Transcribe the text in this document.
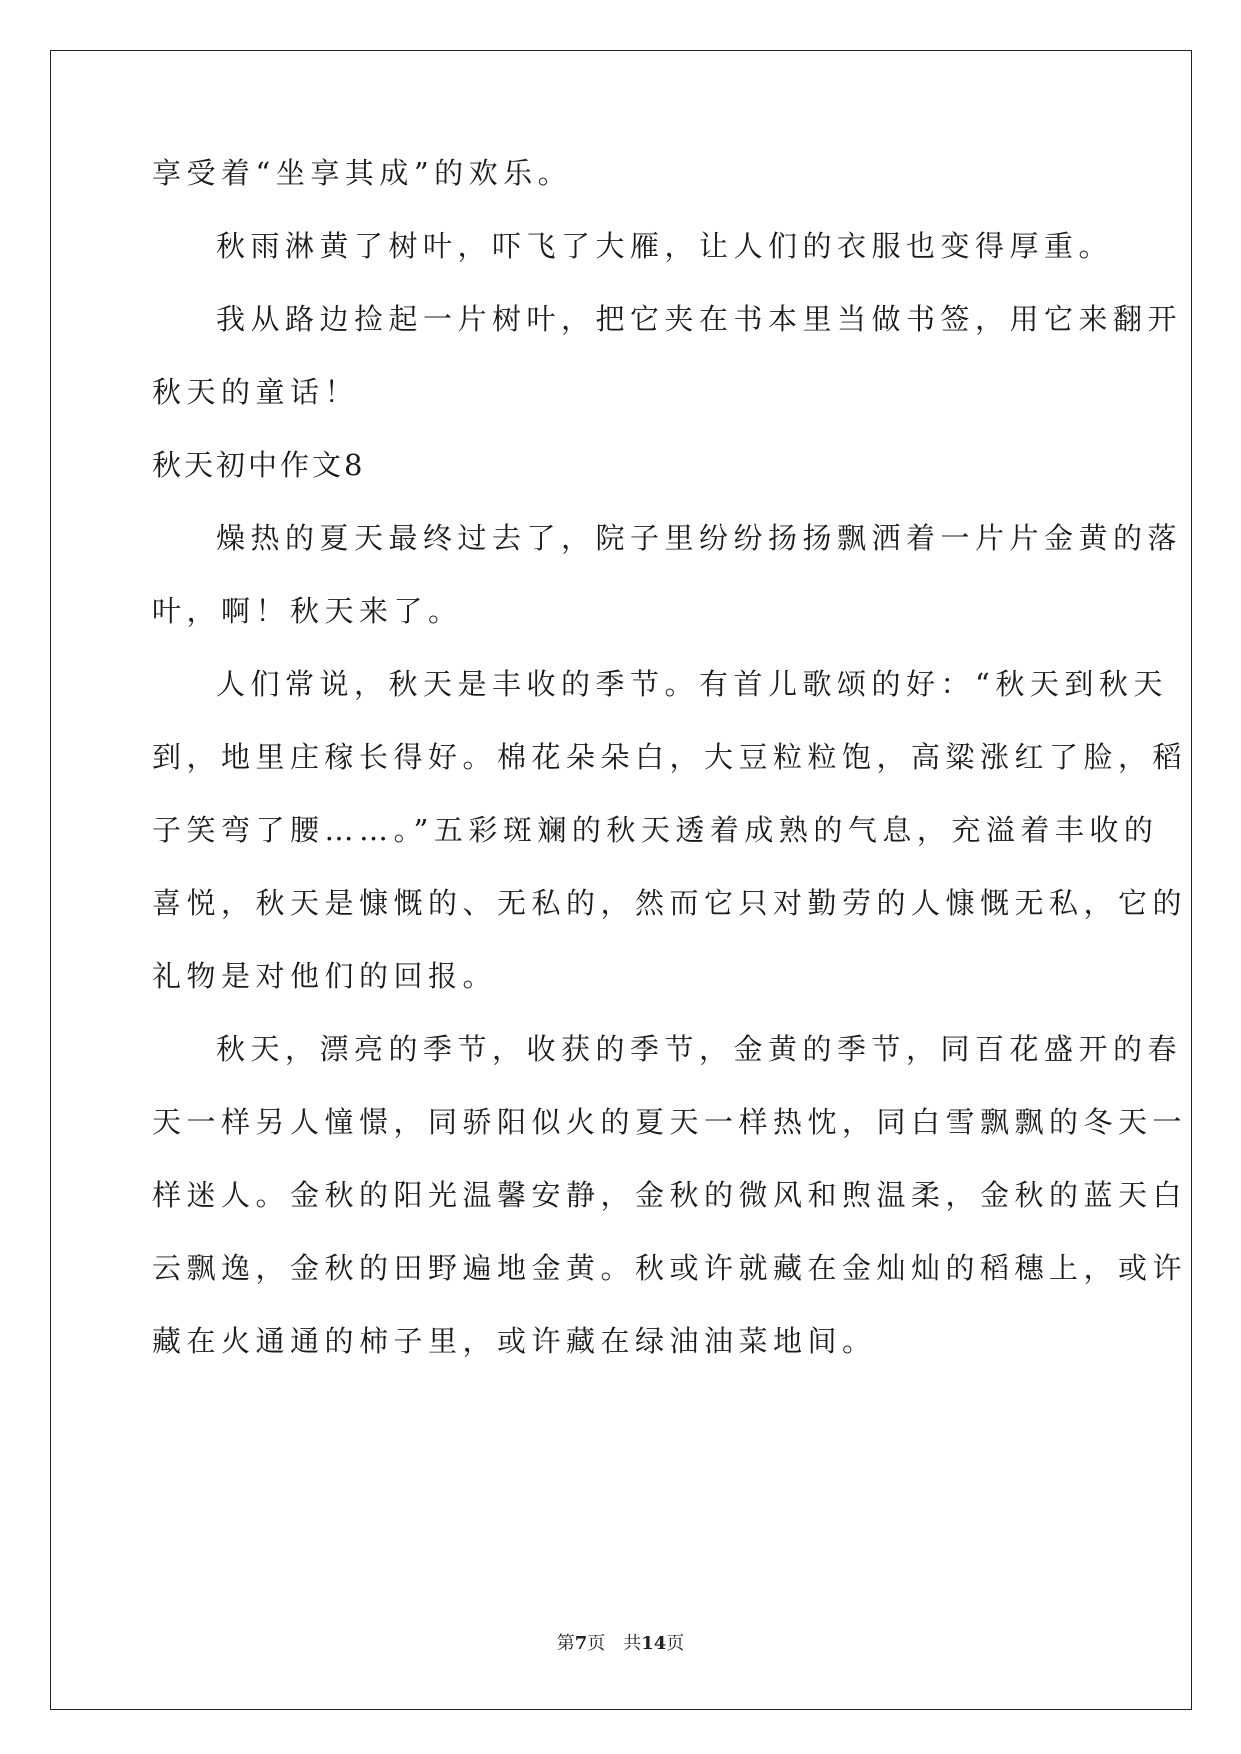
享受着“坐享其成”的欢乐。
秋雨淋黄了树叶，吓飞了大雁，让人们的衣服也变得厚重。
我从路边捡起一片树叶，把它夹在书本里当做书签，用它来翻开
秋天的童话！
秋天初中作文8
燥热的夏天最终过去了，院子里纷纷扬扬飘洒着一片片金黄的落
叶，啊！秋天来了。
人们常说，秋天是丰收的季节。有首儿歌颂的好：“秋天到秋天
到，地里庄稼长得好。棉花朵朵白，大豆粒粒饱，高粱涨红了脸，稻
子笑弯了腰……。”五彩斑斓的秋天透着成熟的气息，充溢着丰收的
喜悦，秋天是慷慨的、无私的，然而它只对勤劳的人慷慨无私，它的
礼物是对他们的回报。
秋天，漂亮的季节，收获的季节，金黄的季节，同百花盛开的春
天一样另人憧憬，同骄阳似火的夏天一样热忱，同白雪飘飘的冬天一
样迷人。金秋的阳光温馨安静，金秋的微风和煦温柔，金秋的蓝天白
云飘逸，金秋的田野遍地金黄。秋或许就藏在金灿灿的稻穗上，或许
藏在火通通的柿子里，或许藏在绿油油菜地间。
第7页 共14页
